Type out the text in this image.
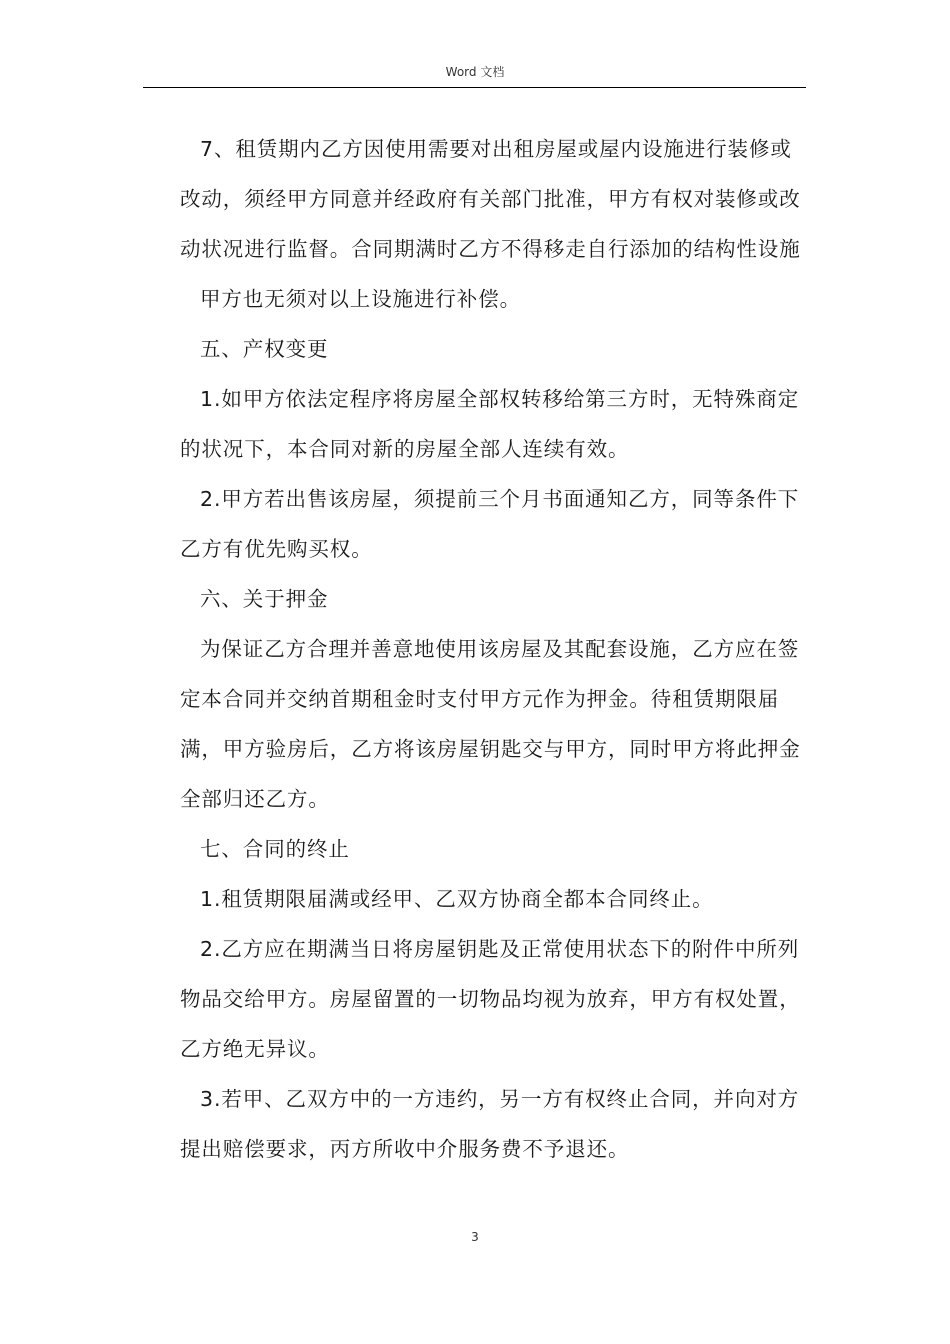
Word 文档

7、租赁期内乙方因使用需要对出租房屋或屋内设施进行装修或改动，须经甲方同意并经政府有关部门批准，甲方有权对装修或改动状况进行监督。合同期满时乙方不得移走自行添加的结构性设施

甲方也无须对以上设施进行补偿。

五、产权变更

1.如甲方依法定程序将房屋全部权转移给第三方时，无特殊商定的状况下，本合同对新的房屋全部人连续有效。

2.甲方若出售该房屋，须提前三个月书面通知乙方，同等条件下乙方有优先购买权。

六、关于押金

为保证乙方合理并善意地使用该房屋及其配套设施，乙方应在签定本合同并交纳首期租金时支付甲方元作为押金。待租赁期限届满，甲方验房后，乙方将该房屋钥匙交与甲方，同时甲方将此押金全部归还乙方。

七、合同的终止

1.租赁期限届满或经甲、乙双方协商全都本合同终止。

2.乙方应在期满当日将房屋钥匙及正常使用状态下的附件中所列物品交给甲方。房屋留置的一切物品均视为放弃，甲方有权处置，乙方绝无异议。

3.若甲、乙双方中的一方违约，另一方有权终止合同，并向对方提出赔偿要求，丙方所收中介服务费不予退还。

3
